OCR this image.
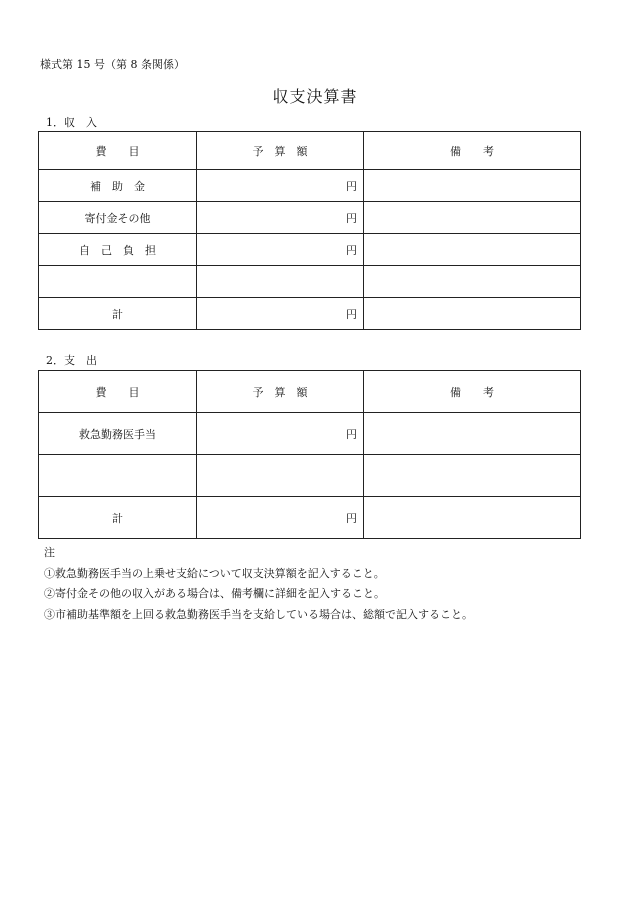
様式第 15 号（第 8 条関係）
収支決算書
1．収　入
費　　目	予　算　額	備　　考
補　助　金	円	
寄付金その他	円	
自　己　負　担	円	

計	円	
2．支　出
費　　目	予　算　額	備　　考
救急勤務医手当	円	

計	円	
注
①救急勤務医手当の上乗せ支給について収支決算額を記入すること。
②寄付金その他の収入がある場合は、備考欄に詳細を記入すること。
③市補助基準額を上回る救急勤務医手当を支給している場合は、総額で記入すること。
